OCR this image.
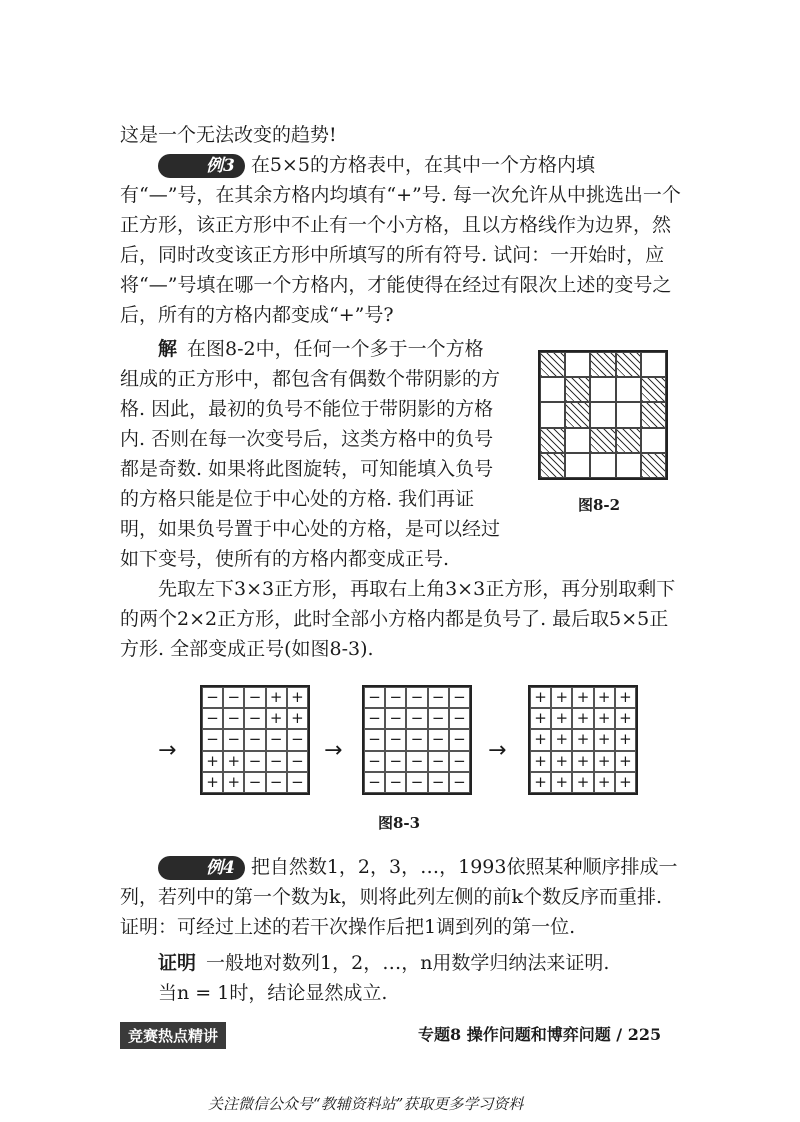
这是一个无法改变的趋势!

例3 在5×5的方格表中，在其中一个方格内填有“—”号，在其余方格内均填有“+”号. 每一次允许从中挑选出一个正方形，该正方形中不止有一个小方格，且以方格线作为边界，然后，同时改变该正方形中所填写的所有符号. 试问：一开始时，应将“—”号填在哪一个方格内，才能使得在经过有限次上述的变号之后，所有的方格内都变成“+”号?

解 在图8-2中，任何一个多于一个方格
组成的正方形中，都包含有偶数个带阴影的方
格. 因此，最初的负号不能位于带阴影的方格
内. 否则在每一次变号后，这类方格中的负号
都是奇数. 如果将此图旋转，可知能填入负号
的方格只能是位于中心处的方格. 我们再证
明，如果负号置于中心处的方格，是可以经过
如下变号，使所有的方格内都变成正号.
图8-2

先取左下3×3正方形，再取右上角3×3正方形，再分别取剩下的两个2×2正方形，此时全部小方格内都是负号了. 最后取5×5正方形. 全部变成正号(如图8-3).

→
− − − + +
− − − + +
− − − − −
+ + − − −
+ + − − −
→
− − − − −
− − − − −
− − − − −
− − − − −
− − − − −
→
+ + + + +
+ + + + +
+ + + + +
+ + + + +
+ + + + +
图8-3

例4 把自然数1，2，3，…，1993依照某种顺序排成一列，若列中的第一个数为k，则将此列左侧的前k个数反序而重排. 证明：可经过上述的若干次操作后把1调到列的第一位.

证明 一般地对数列1，2，…，n用数学归纳法来证明.
当n = 1时，结论显然成立.
竞赛热点精讲	专题8 操作问题和博弈问题 / 225
关注微信公众号“教辅资料站”获取更多学习资料
